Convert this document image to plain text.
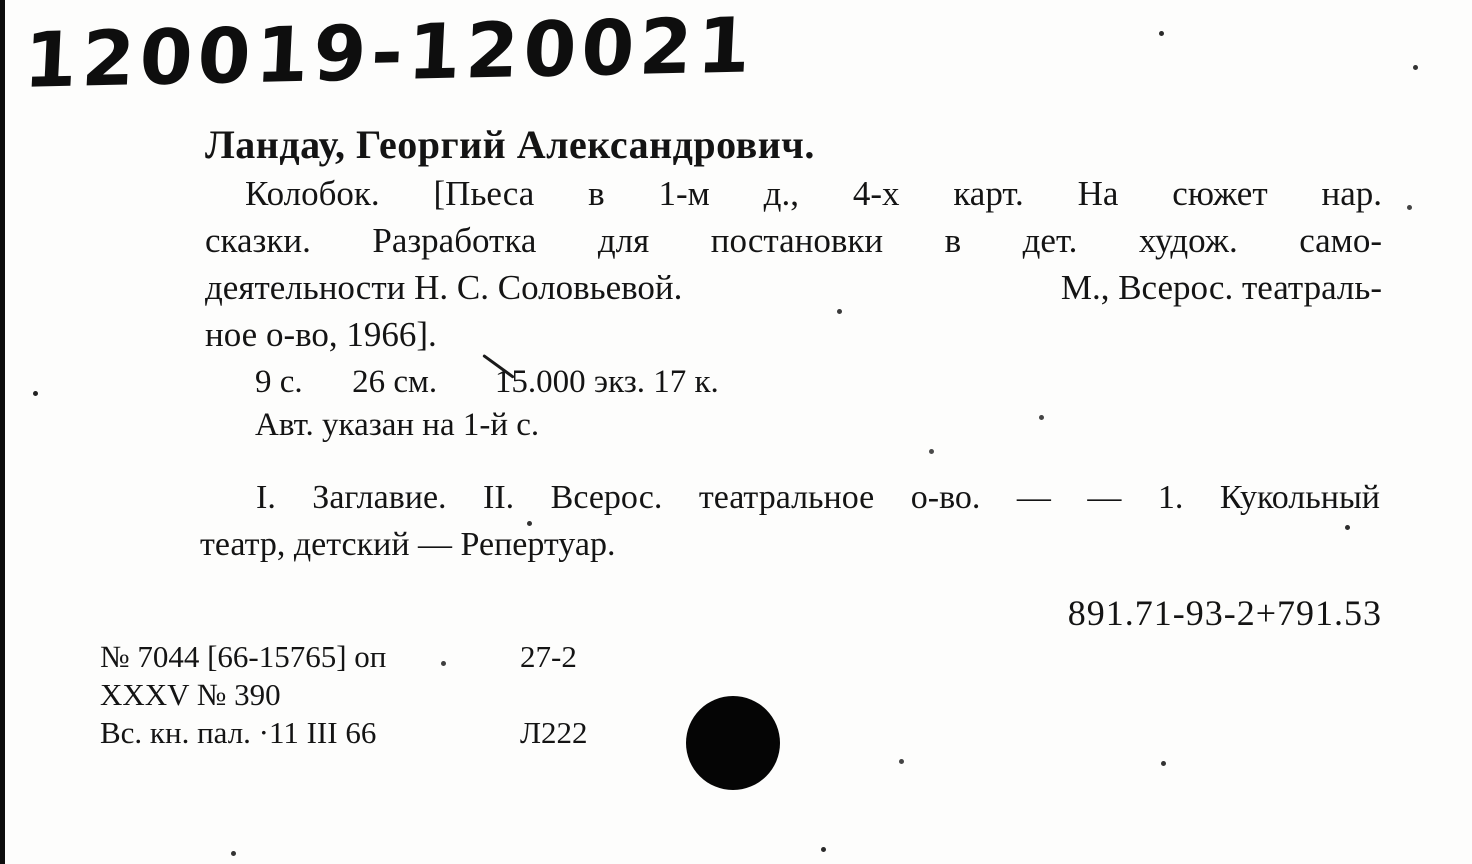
120019-120021
Ландау, Георгий Александрович.
Колобок. [Пьеса в 1-м д., 4-х карт. На сюжет нар.
сказки. Разработка для постановки в дет. худож. само-
деятельности Н. С. Соловьевой.	М., Всерос. театраль-
ное о-во, 1966].
9 с.      26 см.       15.000 экз. 17 к.
Авт. указан на 1-й с.
I. Заглавие. II. Всерос. театральное о-во. — — 1. Кукольный
театр, детский — Репертуар.
891.71-93-2+791.53
№ 7044 [66-15765] оп	27-2
XXXV № 390
Вс. кн. пал. ·11 III 66	Л222
